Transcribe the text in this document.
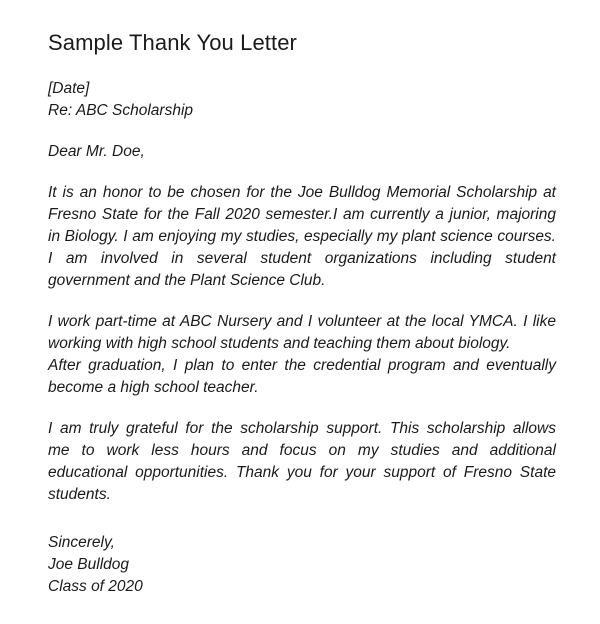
Sample Thank You Letter
[Date]
Re: ABC Scholarship
Dear Mr. Doe,
It is an honor to be chosen for the Joe Bulldog Memorial Scholarship at
Fresno State for the Fall 2020 semester.I am currently a junior, majoring
in Biology. I am enjoying my studies, especially my plant science courses.
I am involved in several student organizations including student
government and the Plant Science Club.
I work part-time at ABC Nursery and I volunteer at the local YMCA. I like
working with high school students and teaching them about biology.
After graduation, I plan to enter the credential program and eventually
become a high school teacher.
I am truly grateful for the scholarship support. This scholarship allows
me to work less hours and focus on my studies and additional
educational opportunities. Thank you for your support of Fresno State
students.
Sincerely,
Joe Bulldog
Class of 2020
